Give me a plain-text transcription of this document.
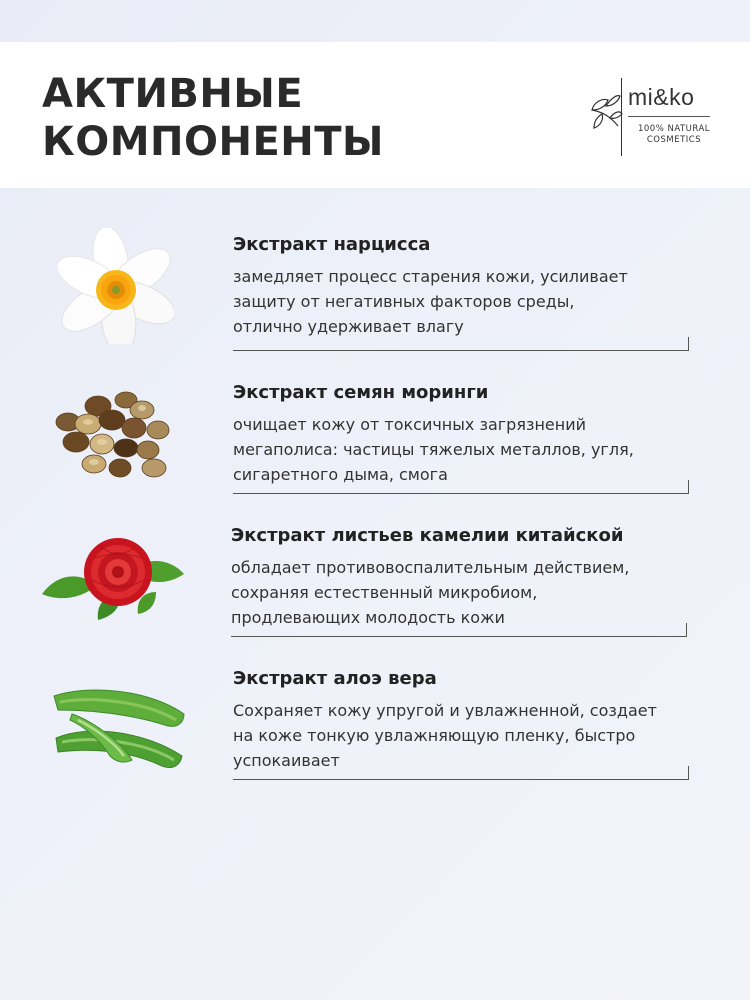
АКТИВНЫЕ
КОМПОНЕНТЫ
mi&ko
100% NATURAL
COSMETICS
Экстракт нарцисса
замедляет процесс старения кожи, усиливает
защиту от негативных факторов среды,
отлично удерживает влагу
Экстракт семян моринги
очищает кожу от токсичных загрязнений
мегаполиса: частицы тяжелых металлов, угля,
сигаретного дыма, смога
Экстракт листьев камелии китайской
обладает противовоспалительным действием,
сохраняя естественный микробиом,
продлевающих молодость кожи
Экстракт алоэ вера
Сохраняет кожу упругой и увлажненной, создает
на коже тонкую увлажняющую пленку, быстро
успокаивает
